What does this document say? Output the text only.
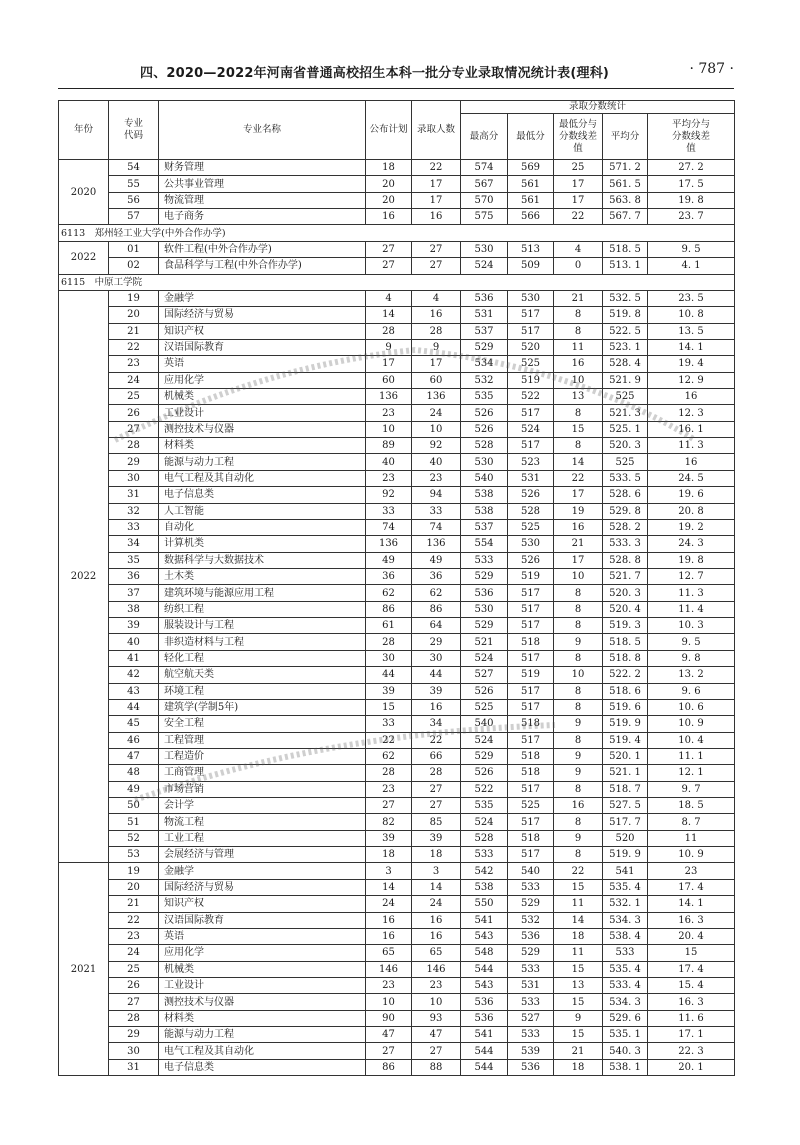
四、2020—2022年河南省普通高校招生本科一批分专业录取情况统计表(理科)	· 787 ·
年份	专业代码	专业名称	公布计划	录取人数	录取分数统计				
					最高分	最低分	最低分与分数线差值	平均分	平均分与分数线差值

2020	54	财务管理	18	22	574	569	25	571. 2	27. 2
	55	公共事业管理	20	17	567	561	17	561. 5	17. 5
	56	物流管理	20	17	570	561	17	563. 8	19. 8
	57	电子商务	16	16	575	566	22	567. 7	23. 7
6113　郑州轻工业大学(中外合作办学)									
2022	01	软件工程(中外合作办学)	27	27	530	513	4	518. 5	9. 5
	02	食品科学与工程(中外合作办学)	27	27	524	509	0	513. 1	4. 1
6115　中原工学院									
2022	19	金融学	4	4	536	530	21	532. 5	23. 5
	20	国际经济与贸易	14	16	531	517	8	519. 8	10. 8
	21	知识产权	28	28	537	517	8	522. 5	13. 5
	22	汉语国际教育	9	9	529	520	11	523. 1	14. 1
	23	英语	17	17	534	525	16	528. 4	19. 4
	24	应用化学	60	60	532	519	10	521. 9	12. 9
	25	机械类	136	136	535	522	13	525	16
	26	工业设计	23	24	526	517	8	521. 3	12. 3
	27	测控技术与仪器	10	10	526	524	15	525. 1	16. 1
	28	材料类	89	92	528	517	8	520. 3	11. 3
	29	能源与动力工程	40	40	530	523	14	525	16
	30	电气工程及其自动化	23	23	540	531	22	533. 5	24. 5
	31	电子信息类	92	94	538	526	17	528. 6	19. 6
	32	人工智能	33	33	538	528	19	529. 8	20. 8
	33	自动化	74	74	537	525	16	528. 2	19. 2
	34	计算机类	136	136	554	530	21	533. 3	24. 3
	35	数据科学与大数据技术	49	49	533	526	17	528. 8	19. 8
	36	土木类	36	36	529	519	10	521. 7	12. 7
	37	建筑环境与能源应用工程	62	62	536	517	8	520. 3	11. 3
	38	纺织工程	86	86	530	517	8	520. 4	11. 4
	39	服装设计与工程	61	64	529	517	8	519. 3	10. 3
	40	非织造材料与工程	28	29	521	518	9	518. 5	9. 5
	41	轻化工程	30	30	524	517	8	518. 8	9. 8
	42	航空航天类	44	44	527	519	10	522. 2	13. 2
	43	环境工程	39	39	526	517	8	518. 6	9. 6
	44	建筑学(学制5年)	15	16	525	517	8	519. 6	10. 6
	45	安全工程	33	34	540	518	9	519. 9	10. 9
	46	工程管理	22	22	524	517	8	519. 4	10. 4
	47	工程造价	62	66	529	518	9	520. 1	11. 1
	48	工商管理	28	28	526	518	9	521. 1	12. 1
	49	市场营销	23	27	522	517	8	518. 7	9. 7
	50	会计学	27	27	535	525	16	527. 5	18. 5
	51	物流工程	82	85	524	517	8	517. 7	8. 7
	52	工业工程	39	39	528	518	9	520	11
	53	会展经济与管理	18	18	533	517	8	519. 9	10. 9
2021	19	金融学	3	3	542	540	22	541	23
	20	国际经济与贸易	14	14	538	533	15	535. 4	17. 4
	21	知识产权	24	24	550	529	11	532. 1	14. 1
	22	汉语国际教育	16	16	541	532	14	534. 3	16. 3
	23	英语	16	16	543	536	18	538. 4	20. 4
	24	应用化学	65	65	548	529	11	533	15
	25	机械类	146	146	544	533	15	535. 4	17. 4
	26	工业设计	23	23	543	531	13	533. 4	15. 4
	27	测控技术与仪器	10	10	536	533	15	534. 3	16. 3
	28	材料类	90	93	536	527	9	529. 6	11. 6
	29	能源与动力工程	47	47	541	533	15	535. 1	17. 1
	30	电气工程及其自动化	27	27	544	539	21	540. 3	22. 3
	31	电子信息类	86	88	544	536	18	538. 1	20. 1
